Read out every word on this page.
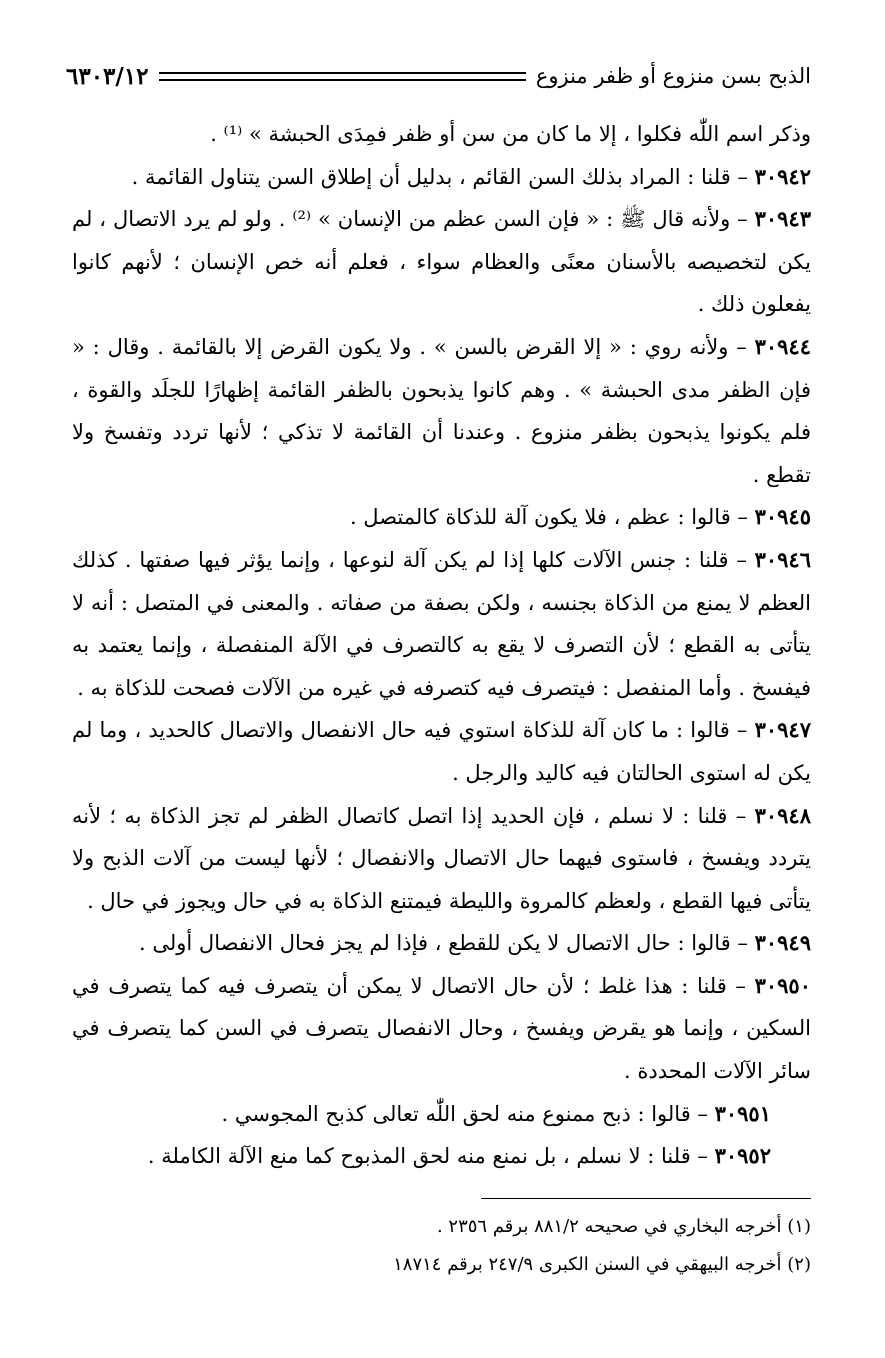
الذبح بسن منزوع أو ظفر منزوع
٦٣٠٣/١٢

وذكر اسم اللّٰه فكلوا ، إلا ما كان من سن أو ظفر فمِدَى الحبشة » ⁽¹⁾ .

٣٠٩٤٢ – قلنا : المراد بذلك السن القائم ، بدليل أن إطلاق السن يتناول القائمة .

٣٠٩٤٣ – ولأنه قال ﷺ : « فإن السن عظم من الإنسان » ⁽²⁾ . ولو لم يرد الاتصال ، لم يكن لتخصيصه بالأسنان معنًى والعظام سواء ، فعلم أنه خص الإنسان ؛ لأنهم كانوا يفعلون ذلك .

٣٠٩٤٤ – ولأنه روي : « إلا القرض بالسن » . ولا يكون القرض إلا بالقائمة . وقال : « فإن الظفر مدى الحبشة » . وهم كانوا يذبحون بالظفر القائمة إظهارًا للجلَد والقوة ، فلم يكونوا يذبحون بظفر منزوع . وعندنا أن القائمة لا تذكي ؛ لأنها تردد وتفسخ ولا تقطع .

٣٠٩٤٥ – قالوا : عظم ، فلا يكون آلة للذكاة كالمتصل .

٣٠٩٤٦ – قلنا : جنس الآلات كلها إذا لم يكن آلة لنوعها ، وإنما يؤثر فيها صفتها . كذلك العظم لا يمنع من الذكاة بجنسه ، ولكن بصفة من صفاته . والمعنى في المتصل : أنه لا يتأتى به القطع ؛ لأن التصرف لا يقع به كالتصرف في الآلة المنفصلة ، وإنما يعتمد به فيفسخ . وأما المنفصل : فيتصرف فيه كتصرفه في غيره من الآلات فصحت للذكاة به .

٣٠٩٤٧ – قالوا : ما كان آلة للذكاة استوي فيه حال الانفصال والاتصال كالحديد ، وما لم يكن له استوى الحالتان فيه كاليد والرجل .

٣٠٩٤٨ – قلنا : لا نسلم ، فإن الحديد إذا اتصل كاتصال الظفر لم تجز الذكاة به ؛ لأنه يتردد ويفسخ ، فاستوى فيهما حال الاتصال والانفصال ؛ لأنها ليست من آلات الذبح ولا يتأتى فيها القطع ، ولعظم كالمروة والليطة فيمتنع الذكاة به في حال ويجوز في حال .

٣٠٩٤٩ – قالوا : حال الاتصال لا يكن للقطع ، فإذا لم يجز فحال الانفصال أولى .

٣٠٩٥٠ – قلنا : هذا غلط ؛ لأن حال الاتصال لا يمكن أن يتصرف فيه كما يتصرف في السكين ، وإنما هو يقرض ويفسخ ، وحال الانفصال يتصرف في السن كما يتصرف في سائر الآلات المحددة .

٣٠٩٥١ – قالوا : ذبح ممنوع منه لحق اللّٰه تعالى كذبح المجوسي .

٣٠٩٥٢ – قلنا : لا نسلم ، بل نمنع منه لحق المذبوح كما منع الآلة الكاملة .

(١) أخرجه البخاري في صحيحه ٨٨١/٢ برقم ٢٣٥٦ .

(٢) أخرجه البيهقي في السنن الكبرى ٢٤٧/٩ برقم ١٨٧١٤
